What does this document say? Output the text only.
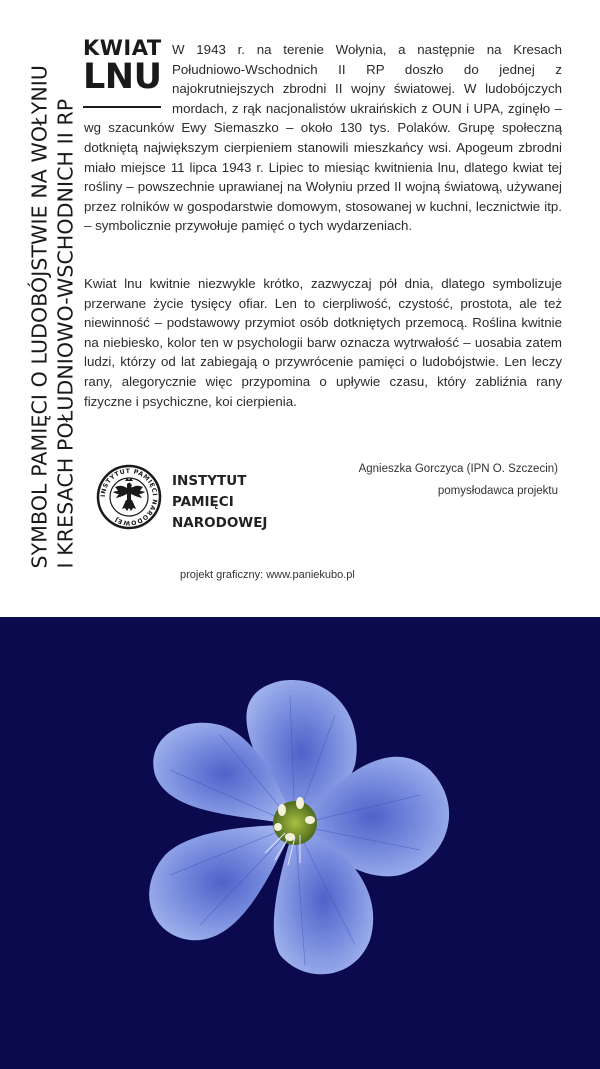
SYMBOL PAMIĘCI O LUDOBÓJSTWIE NA WOŁYNIU I KRESACH POŁUDNIOWO-WSCHODNICH II RP
KWIAT
LNU
W 1943 r. na terenie Wołynia, a następnie na Kresach Południowo-Wschodnich II RP doszło do jednej z najokrutniejszych zbrodni II wojny światowej. W ludobójczych mordach, z rąk nacjonalistów ukraińskich z OUN i UPA, zginęło – wg szacunków Ewy Siemaszko – około 130 tys. Polaków. Grupę społeczną dotkniętą największym cierpieniem stanowili mieszkańcy wsi. Apogeum zbrodni miało miejsce 11 lipca 1943 r. Lipiec to miesiąc kwitnienia lnu, dlatego kwiat tej rośliny – powszechnie uprawianej na Wołyniu przed II wojną światową, używanej przez rolników w gospodarstwie domowym, stosowanej w kuchni, lecznictwie itp. – symbolicznie przywołuje pamięć o tych wydarzeniach.
Kwiat lnu kwitnie niezwykle krótko, zazwyczaj pół dnia, dlatego symbolizuje przerwane życie tysięcy ofiar. Len to cierpliwość, czystość, prostota, ale też niewinność – podstawowy przymiot osób dotkniętych przemocą. Roślina kwitnie na niebiesko, kolor ten w psychologii barw oznacza wytrwałość – uosabia zatem ludzi, którzy od lat zabiegają o przywrócenie pamięci o ludobójstwie. Len leczy rany, alegorycznie więc przypomina o upływie czasu, który zabliźnia rany fizyczne i psychiczne, koi cierpienia.
Agnieszka Gorczyca (IPN O. Szczecin)
pomysłodawca projektu
INSTYTUT PAMIĘCI NARODOWEJ
INSTYTUT
PAMIĘCI
NARODOWEJ
projekt graficzny: www.paniekubo.pl
